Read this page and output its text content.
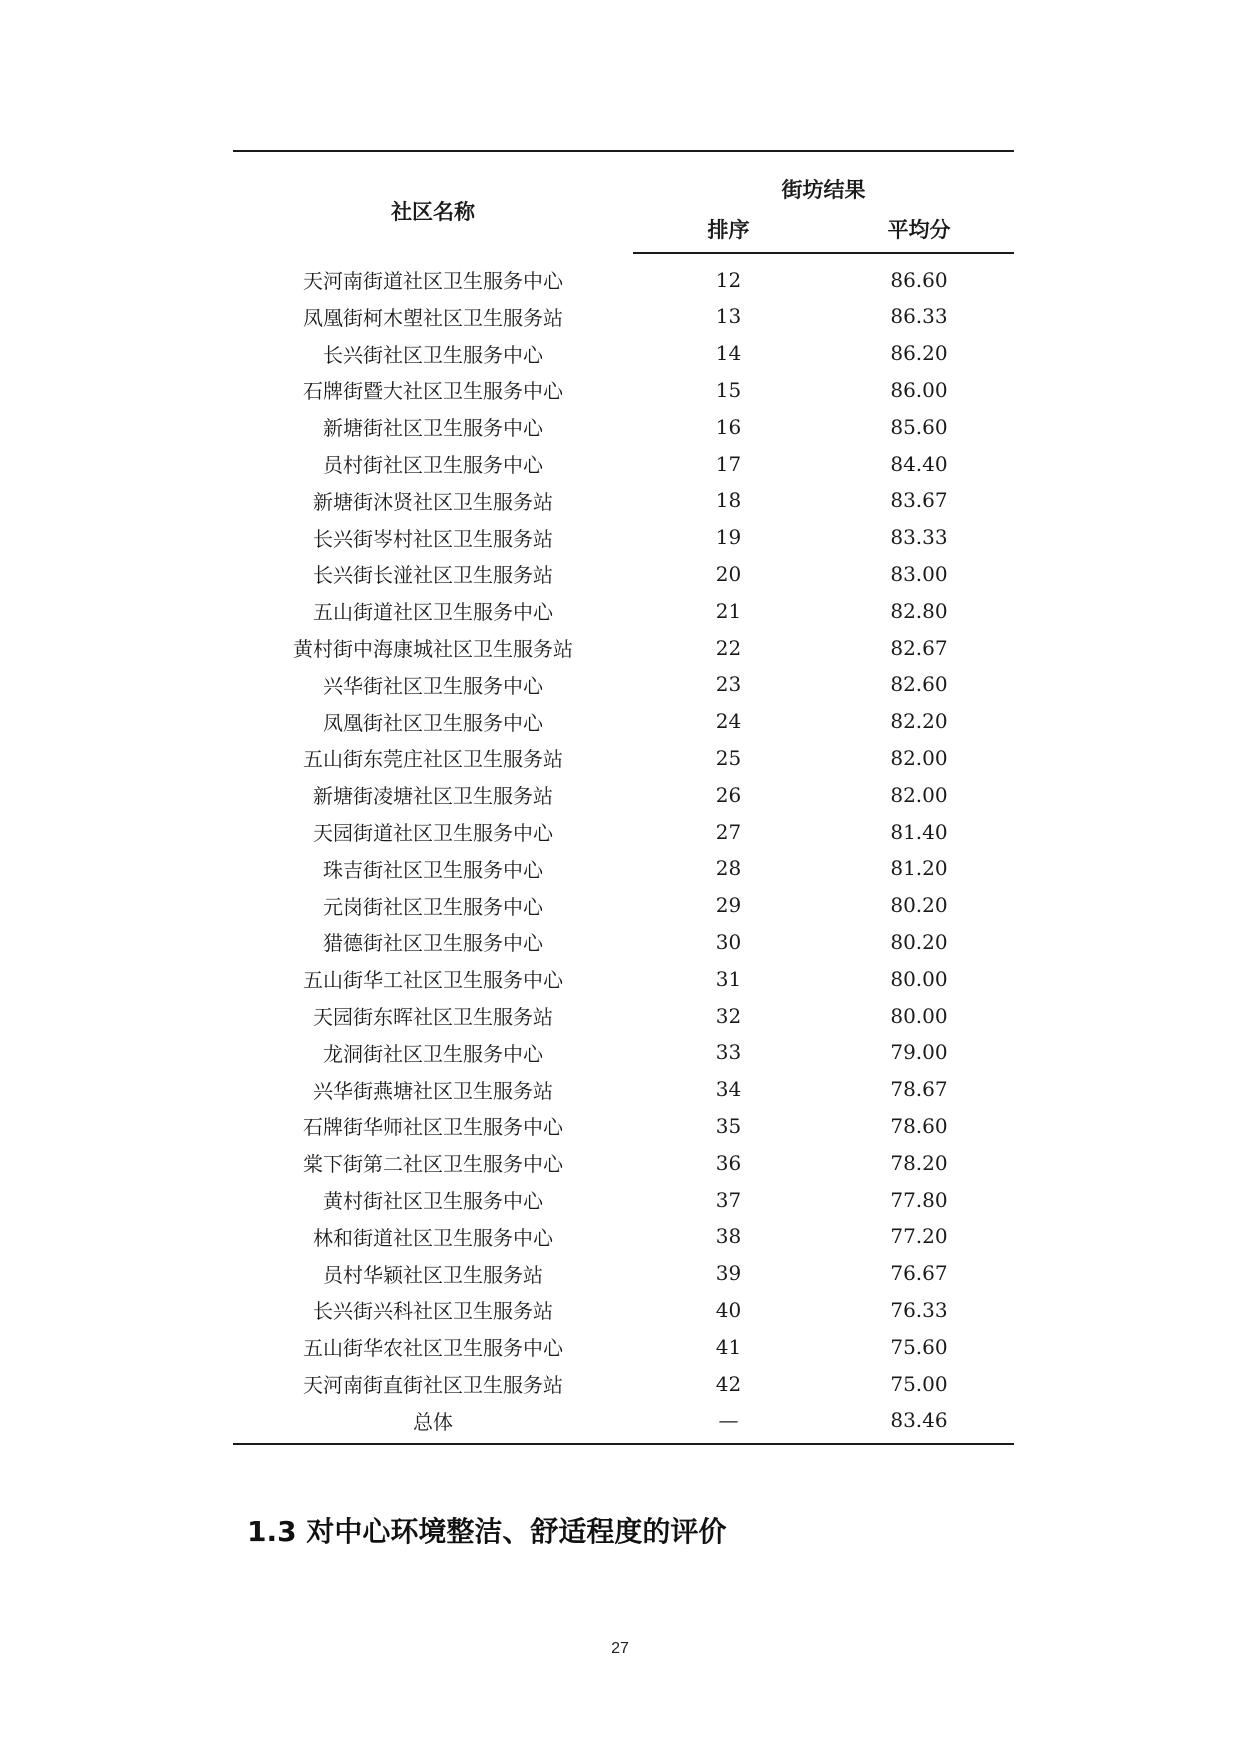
社区名称	街坊结果	
	排序	平均分
天河南街道社区卫生服务中心	12	86.60
凤凰街柯木塱社区卫生服务站	13	86.33
长兴街社区卫生服务中心	14	86.20
石牌街暨大社区卫生服务中心	15	86.00
新塘街社区卫生服务中心	16	85.60
员村街社区卫生服务中心	17	84.40
新塘街沐贤社区卫生服务站	18	83.67
长兴街岑村社区卫生服务站	19	83.33
长兴街长湴社区卫生服务站	20	83.00
五山街道社区卫生服务中心	21	82.80
黄村街中海康城社区卫生服务站	22	82.67
兴华街社区卫生服务中心	23	82.60
凤凰街社区卫生服务中心	24	82.20
五山街东莞庄社区卫生服务站	25	82.00
新塘街凌塘社区卫生服务站	26	82.00
天园街道社区卫生服务中心	27	81.40
珠吉街社区卫生服务中心	28	81.20
元岗街社区卫生服务中心	29	80.20
猎德街社区卫生服务中心	30	80.20
五山街华工社区卫生服务中心	31	80.00
天园街东晖社区卫生服务站	32	80.00
龙洞街社区卫生服务中心	33	79.00
兴华街燕塘社区卫生服务站	34	78.67
石牌街华师社区卫生服务中心	35	78.60
棠下街第二社区卫生服务中心	36	78.20
黄村街社区卫生服务中心	37	77.80
林和街道社区卫生服务中心	38	77.20
员村华颖社区卫生服务站	39	76.67
长兴街兴科社区卫生服务站	40	76.33
五山街华农社区卫生服务中心	41	75.60
天河南街直街社区卫生服务站	42	75.00
总体	—	83.46
1.3 对中心环境整洁、舒适程度的评价
27
